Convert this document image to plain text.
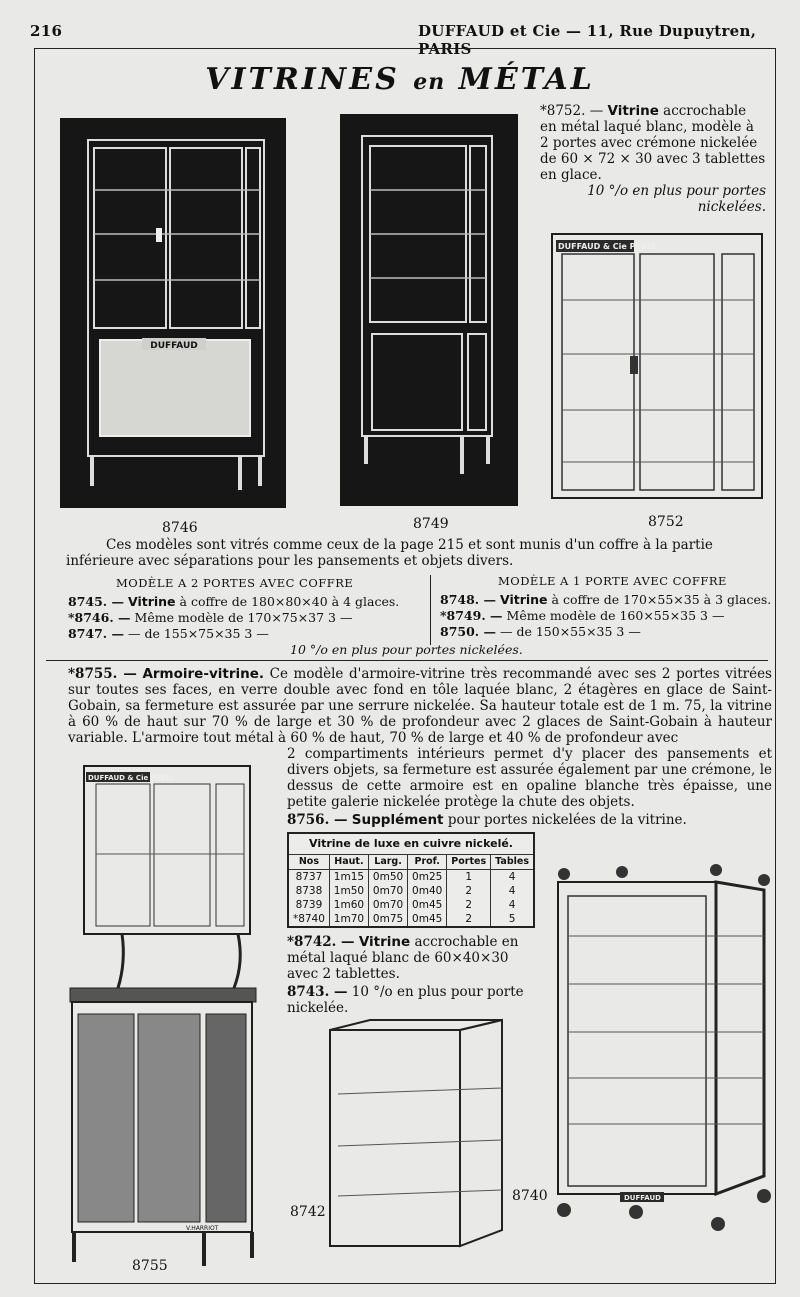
216	DUFFAUD et Cie — 11, Rue Dupuytren, PARIS
VITRINES en MÉTAL
DUFFAUD
*8752. — Vitrine accrochable en métal laqué blanc, modèle à 2 portes avec crémone nickelée de 60 × 72 × 30 avec 3 tablettes en glace.
10 °/o en plus pour portes nickelées.
DUFFAUD & Cie PARIS
8746	8749	8752
Ces modèles sont vitrés comme ceux de la page 215 et sont munis d'un coffre à la partie inférieure avec séparations pour les pansements et objets divers.
MODÈLE A 2 PORTES AVEC COFFRE
8745. — Vitrine à coffre de 180×80×40 à 4 glaces.
*8746. — Même modèle de 170×75×37 3 —
8747. — — de 155×75×35 3 —
MODÈLE A 1 PORTE AVEC COFFRE
8748. — Vitrine à coffre de 170×55×35 à 3 glaces.
*8749. — Même modèle de 160×55×35 3 —
8750. — — de 150×55×35 3 —
10 °/o en plus pour portes nickelées.
*8755. — Armoire-vitrine. Ce modèle d'armoire-vitrine très recommandé avec ses 2 portes vitrées sur toutes ses faces, en verre double avec fond en tôle laquée blanc, 2 étagères en glace de Saint-Gobain, sa fermeture est assurée par une serrure nickelée. Sa hauteur totale est de 1 m. 75, la vitrine à 60 % de haut sur 70 % de large et 30 % de profondeur avec 2 glaces de Saint-Gobain à hauteur variable. L'armoire tout métal à 60 % de haut, 70 % de large et 40 % de profondeur avec
2 compartiments intérieurs permet d'y placer des pansements et divers objets, sa fermeture est assurée également par une crémone, le dessus de cette armoire est en opaline blanche très épaisse, une petite galerie nickelée protège la chute des objets.
8756. — Supplément pour portes nickelées de la vitrine.
Vitrine de luxe en cuivre nickelé.
Nos	Haut.	Larg.	Prof.	Portes	Tables
8737	1m15	0m50	0m25	1	4
8738	1m50	0m70	0m40	2	4
8739	1m60	0m70	0m45	2	4
*8740	1m70	0m75	0m45	2	5
*8742. — Vitrine accrochable en métal laqué blanc de 60×40×30 avec 2 tablettes.
8743. — 10 °/o en plus pour porte nickelée.
DUFFAUD & Cie PARIS
V.HARRIOT
8755
8742
DUFFAUD
8740
